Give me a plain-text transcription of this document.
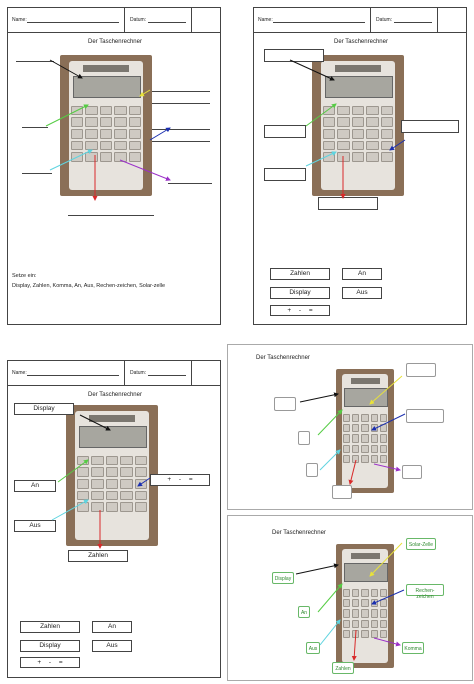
Name:	Datum:
Der Taschenrechner
Setze ein:
Display, Zahlen, Komma, An, Aus, Rechen-zeichen, Solar-zelle
Name:	Datum:
Der Taschenrechner
Zahlen	An
Display	Aus
+ - =
Name:	Datum:
Der Taschenrechner
Display
An
+ - =
Aus
Zahlen
Zahlen	An
Display	Aus
+ - =
Der Taschenrechner
Der Taschenrechner
Solar-Zelle
Display
Rechen-zeichen
An
Aus	Komma
Zahlen
